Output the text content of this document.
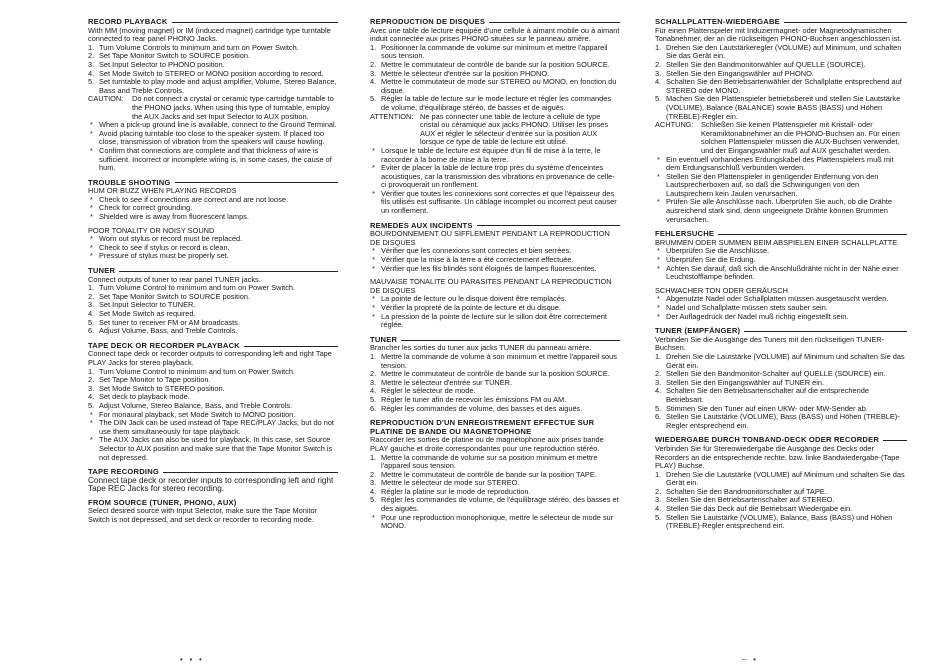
RECORD PLAYBACK
With MM (moving magnet) or IM (induced magnet) cartridge type turntable connected to rear panel PHONO Jacks.
1. Turn Volume Controls to minimum and turn on Power Switch.
2. Set Tape Monitor Switch to SOURCE position.
3. Set Input Selector to PHONO position.
4. Set Mode Switch to STEREO or MONO position according to record.
5. Set turntable to play mode and adjust amplifier, Volume, Stereo Balance, Bass and Treble Controls.
CAUTION:	Do not connect a crystal or ceramic type cartridge turntable to the PHONO jacks. When using this type of turntable, employ the AUX Jacks and set Input Selector to AUX position.
* When a pick-up ground line is available, connect to the Ground Terminal.
* Avoid placing turntable too close to the speaker system. If placed too close, transmission of vibration from the speakers will cause howling.
* Confirm that connections are complete and that thickness of wire is sufficient. Incorrect or incomplete wiring is, in some cases, the cause of hum.
TROUBLE SHOOTING
HUM OR BUZZ WHEN PLAYING RECORDS
* Check to see if connections are correct and are not loose.
* Check for correct grounding.
* Shielded wire is away from fluorescent lamps.
POOR TONALITY OR NOISY SOUND
* Worn out stylus or record must be replaced.
* Check to see if stylus or record is clean.
* Pressure of stylus must be properly set.
TUNER
Connect outputs of tuner to rear panel TUNER jacks.
1. Turn Volume Control to minimum and turn on Power Switch.
2. Set Tape Monitor Switch to SOURCE position.
3. Set Input Selector to TUNER.
4. Set Mode Switch as required.
5. Set tuner to receiver FM or AM broadcasts.
6. Adjust Volume, Bass, and Treble Controls.
TAPE DECK OR RECORDER PLAYBACK
Connect tape deck or recorder outputs to corresponding left and right Tape PLAY Jacks for stereo playback.
1. Turn Volume Control to minimum and turn on Power Switch.
2. Set Tape Monitor to Tape position.
3. Set Mode Switch to STEREO position.
4. Set deck to playback mode.
5. Adjust Volume, Stereo Balance, Bass, and Treble Controls.
* For monaural playback, set Mode Switch to MONO position.
* The DIN Jack can be used instead of Tape REC/PLAY Jacks, but do not use them simultaneously for tape playback.
* The AUX Jacks can also be used for playback. In this case, set Source Selector to AUX position and make sure that the Tape Monitor Switch is not depressed.
TAPE RECORDING
Connect tape deck or recorder inputs to corresponding left and right Tape REC Jacks for stereo recording.
FROM SOURCE (TUNER, PHONO, AUX)
Select desired source with Input Selector, make sure the Tape Monitor Switch is not depressed, and set deck or recorder to recording mode.
REPRODUCTION DE DISQUES
Avec une table de lecture équipée d'une cellule à aimant mobile ou à aimant induit connectée aux prises PHONO situées sur le panneau arrière.
1. Positionner la commande de volume sur minimum et mettre l'appareil sous tension.
2. Mettre le commutateur de contrôle de bande sur la position SOURCE.
3. Mettre le sélecteur d'entrée sur la position PHONO.
4. Mettre le commutateur de mode sur STEREO ou MONO, en fonction du disque.
5. Régler la table de lecture sur le mode lecture et régler les commandes de volume, d'équilibrage stéréo, de basses et de aiguës.
ATTENTION: Ne pas connecter une table de lecture à cellule de type cristal ou céramique aux jacks PHONO. Utiliser les prises AUX et régler le sélecteur d'entrée sur la position AUX lorsque ce type de table de lecture est utilisé.
* Lorsque le table de lecture est équipée d'un fil de mise à la terre, le raccorder à la borne de mise à la terre.
* Eviter de placer la table de lecture trop près du système d'enceintes acoustiques, car la transmission des vibrations en provenance de celle-ci provoquerait un ronflement.
* Vérifier que toutes les connexions sont correctes et que l'épaisseur des fils utilisés est suffisante. Un câblage incomplet ou incorrect peut causer un ronflement.
REMEDES AUX INCIDENTS
BOURDONNEMENT OU SIFFLEMENT PENDANT LA REPRODUCTION DE DISQUES
* Vérifier que les connexions sont correctes et bien serrées.
* Vérifier que la mise à la terre a été correctement effectuée.
* Vérifier que les fils blindés sont éloignés de lampes fluorescentes.
MAUVAISE TONALITE OU PARASITES PENDANT LA REPRODUCTION DE DISQUES
* La pointe de lecture ou le disque doivent être remplacés.
* Vérifier la propreté de la pointe de lecture et du disque.
* La pression de la pointe de lecture sur le sillon doit être correctement réglée.
TUNER
Brancher les sorties du tuner aux jacks TUNER du panneau arrière.
1. Mettre la commande de volume à son minimum et mettre l'appareil sous tension.
2. Mettre le commutateur de contrôle de bande sur la position SOURCE.
3. Mettre le sélecteur d'entrée sur TUNER.
4. Régler le sélecteur de mode.
5. Régler le tuner afin de recevoir les émissions FM ou AM.
6. Régler les commandes de volume, des basses et des aiguës.
REPRODUCTION D'UN ENREGISTREMENT EFFECTUE SUR PLATINE DE BANDE OU MAGNETOPHONE
Raccorder les sorties de platine ou de magnétophone aux prises bande PLAY gauche et droite correspondantes pour une reproduction stéréo.
1. Mettre la commande de volume sur sa position minimum et mettre l'appareil sous tension.
2. Mettre le commutateur de contrôle de bande sur la position TAPE.
3. Mettre le sélecteur de mode sur STEREO.
4. Régler la platine sur le mode de reproduction.
5. Régler les commandes de volume, de l'équilibrage stéréo, des basses et des aiguës.
* Pour une reproduction monophonique, mettre le sélecteur de mode sur MONO.
SCHALLPLATTEN-WIEDERGABE
Für einen Plattenspieler mit Induziermagnet- oder Magnetodynamischen Tonabnehmer, der an die rückseitigen PHONO-Buchsen angeschlossen ist.
1. Drehen Sie den Lautstärkeregler (VOLUME) auf Minimum, und schalten Sie das Gerät ein.
2. Stellen Sie den Bandmonitorwähler auf QUELLE (SOURCE).
3. Stellen Sie den Eingangswähler auf PHONO.
4. Schalten Sie den Betriebsartenwähler der Schallplatte entsprechend auf STEREO oder MONO.
5. Machen Sie den Plattenspieler betriebsbereit und stellen Sie Lautstärke (VOLUME), Balance (BALANCE) sowie BASS (BASS) und Höhen (TREBLE)-Regler ein.
ACHTUNG: Schließen Sie keinen Plattenspieler mit Kristall- oder Keramiktonabnehmer an die PHONO-Buchsen an. Für einen solchen Plattenspieler müssen die AUX-Buchsen verwendet, und der Eingangswähler muß auf AUX geschaltet werden.
* Ein eventuell vorhandenes Erdungskabel des Plattenspielers muß mit dem Erdungsanschluß verbunden werden.
* Stellen Sie den Plattenspieler in genügender Entfernung von den Lautsprecherboxen auf, so daß die Schwingungen von den Lautsprechern kein Jaulen verursachen.
* Prüfen Sie alle Anschlüsse nach. Überprüfen Sie auch, ob die Drähte ausreichend stark sind, denn ungeeignete Drähte können Brummen verursachen.
FEHLERSUCHE
BRUMMEN ODER SUMMEN BEIM ABSPIELEN EINER SCHALLPLATTE
* Überprüfen Sie die Anschlüsse.
* Überprüfen Sie die Erdung.
* Achten Sie darauf, daß sich die Anschlußdrähte nicht in der Nähe einer Leuchtstofflampe befinden.
SCHWACHER TON ODER GERÄUSCH
* Abgenutzte Nadel oder Schallplatten müssen ausgetauscht werden.
* Nadel und Schallplatte müssen stets sauber sein.
* Der Auflagedruck der Nadel muß richtig eingestellt sein.
TUNER (EMPFÄNGER)
Verbinden Sie die Ausgänge des Tuners mit den rückseitigen TUNER-Buchsen.
1. Drehen Sie die Lautstärke (VOLUME) auf Minimum und schalten Sie das Gerät ein.
2. Stellen Sie den Bandmonitor-Schalter auf QUELLE (SOURCE) ein.
3. Stellen Sie den Eingangswähler auf TUNER ein.
4. Schalten Sie den Betriebsartenschalter auf die entsprechende Betriebsart.
5. Stimmen Sie den Tuner auf einen UKW- oder MW-Sender ab.
6. Stellen Sie Lautstärke (VOLUME), Bass (BASS) und Höhen (TREBLE)-Regler entsprechend ein.
WIEDERGABE DURCH TONBAND-DECK ODER RECORDER
Verbinden Sie für Stereowiedergabe die Ausgänge des Decks oder Recorders an die entsprechende rechte, bzw. linke Bandwiedergabe-(Tape PLAY) Buchse.
1. Drehen Sie die Lautstärke (VOLUME) auf Minimum und schalten Sie das Gerät ein.
2. Schalten Sie den Bandmonitorschalter auf TAPE.
3. Stellen Sie den Betriebsartenschalter auf STEREO.
4. Stellen Sie das Deck auf die Betriebsart Wiedergabe ein.
5. Stellen Sie Lautstärke (VOLUME), Balance, Bass (BASS) und Höhen (TREBLE)-Regler entsprechend ein.
•   •   •	–   •
